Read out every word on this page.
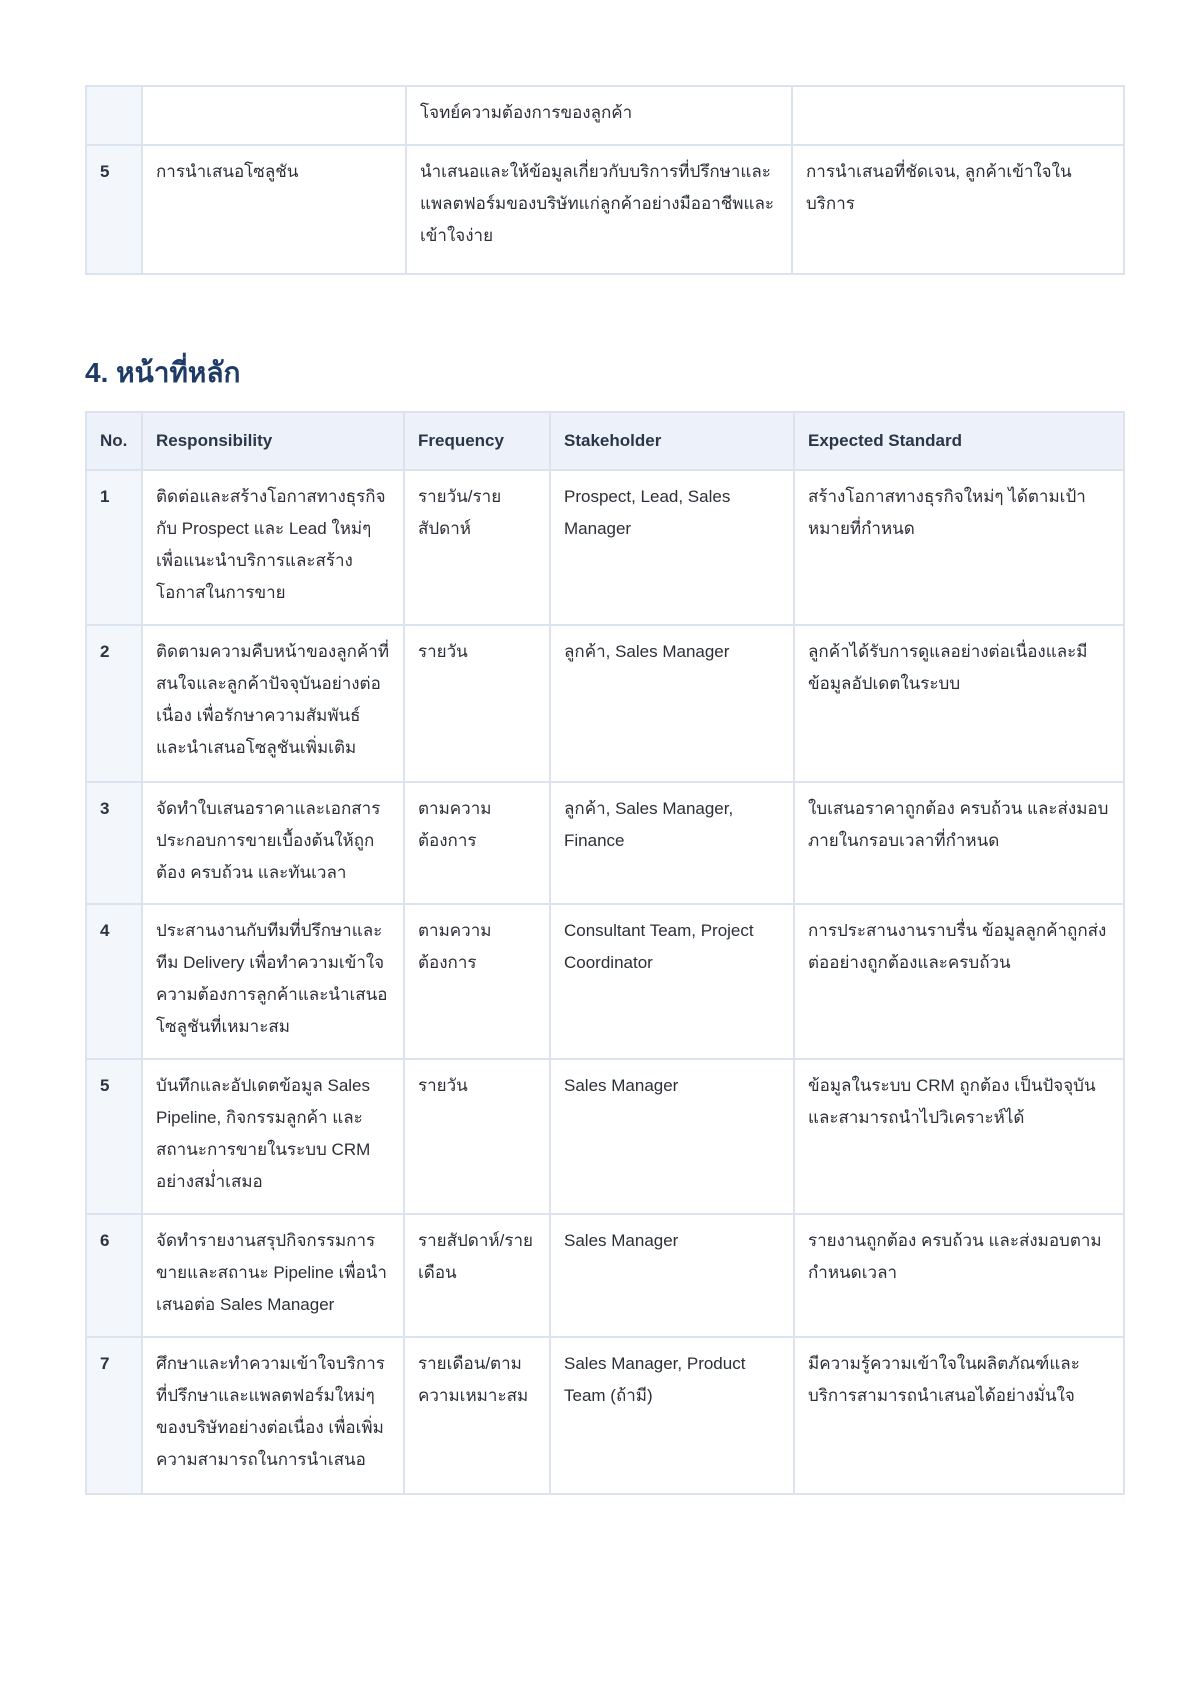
		โจทย์ความต้องการของลูกค้า	
5	การนำเสนอโซลูชัน	นำเสนอและให้ข้อมูลเกี่ยวกับบริการที่ปรึกษาและแพลตฟอร์มของบริษัทแก่ลูกค้าอย่างมืออาชีพและเข้าใจง่าย	การนำเสนอที่ชัดเจน, ลูกค้าเข้าใจในบริการ
4. หน้าที่หลัก
No.	Responsibility	Frequency	Stakeholder	Expected Standard
1	ติดต่อและสร้างโอกาสทางธุรกิจกับ Prospect และ Lead ใหม่ๆ เพื่อแนะนำบริการและสร้างโอกาสในการขาย	รายวัน/รายสัปดาห์	Prospect, Lead, Sales Manager	สร้างโอกาสทางธุรกิจใหม่ๆ ได้ตามเป้าหมายที่กำหนด
2	ติดตามความคืบหน้าของลูกค้าที่สนใจและลูกค้าปัจจุบันอย่างต่อเนื่อง เพื่อรักษาความสัมพันธ์และนำเสนอโซลูชันเพิ่มเติม	รายวัน	ลูกค้า, Sales Manager	ลูกค้าได้รับการดูแลอย่างต่อเนื่องและมีข้อมูลอัปเดตในระบบ
3	จัดทำใบเสนอราคาและเอกสารประกอบการขายเบื้องต้นให้ถูกต้อง ครบถ้วน และทันเวลา	ตามความต้องการ	ลูกค้า, Sales Manager, Finance	ใบเสนอราคาถูกต้อง ครบถ้วน และส่งมอบภายในกรอบเวลาที่กำหนด
4	ประสานงานกับทีมที่ปรึกษาและทีม Delivery เพื่อทำความเข้าใจความต้องการลูกค้าและนำเสนอโซลูชันที่เหมาะสม	ตามความต้องการ	Consultant Team, Project Coordinator	การประสานงานราบรื่น ข้อมูลลูกค้าถูกส่งต่ออย่างถูกต้องและครบถ้วน
5	บันทึกและอัปเดตข้อมูล Sales Pipeline, กิจกรรมลูกค้า และสถานะการขายในระบบ CRM อย่างสม่ำเสมอ	รายวัน	Sales Manager	ข้อมูลในระบบ CRM ถูกต้อง เป็นปัจจุบันและสามารถนำไปวิเคราะห์ได้
6	จัดทำรายงานสรุปกิจกรรมการขายและสถานะ Pipeline เพื่อนำเสนอต่อ Sales Manager	รายสัปดาห์/รายเดือน	Sales Manager	รายงานถูกต้อง ครบถ้วน และส่งมอบตามกำหนดเวลา
7	ศึกษาและทำความเข้าใจบริการที่ปรึกษาและแพลตฟอร์มใหม่ๆ ของบริษัทอย่างต่อเนื่อง เพื่อเพิ่มความสามารถในการนำเสนอ	รายเดือน/ตามความเหมาะสม	Sales Manager, Product Team (ถ้ามี)	มีความรู้ความเข้าใจในผลิตภัณฑ์และบริการสามารถนำเสนอได้อย่างมั่นใจ
